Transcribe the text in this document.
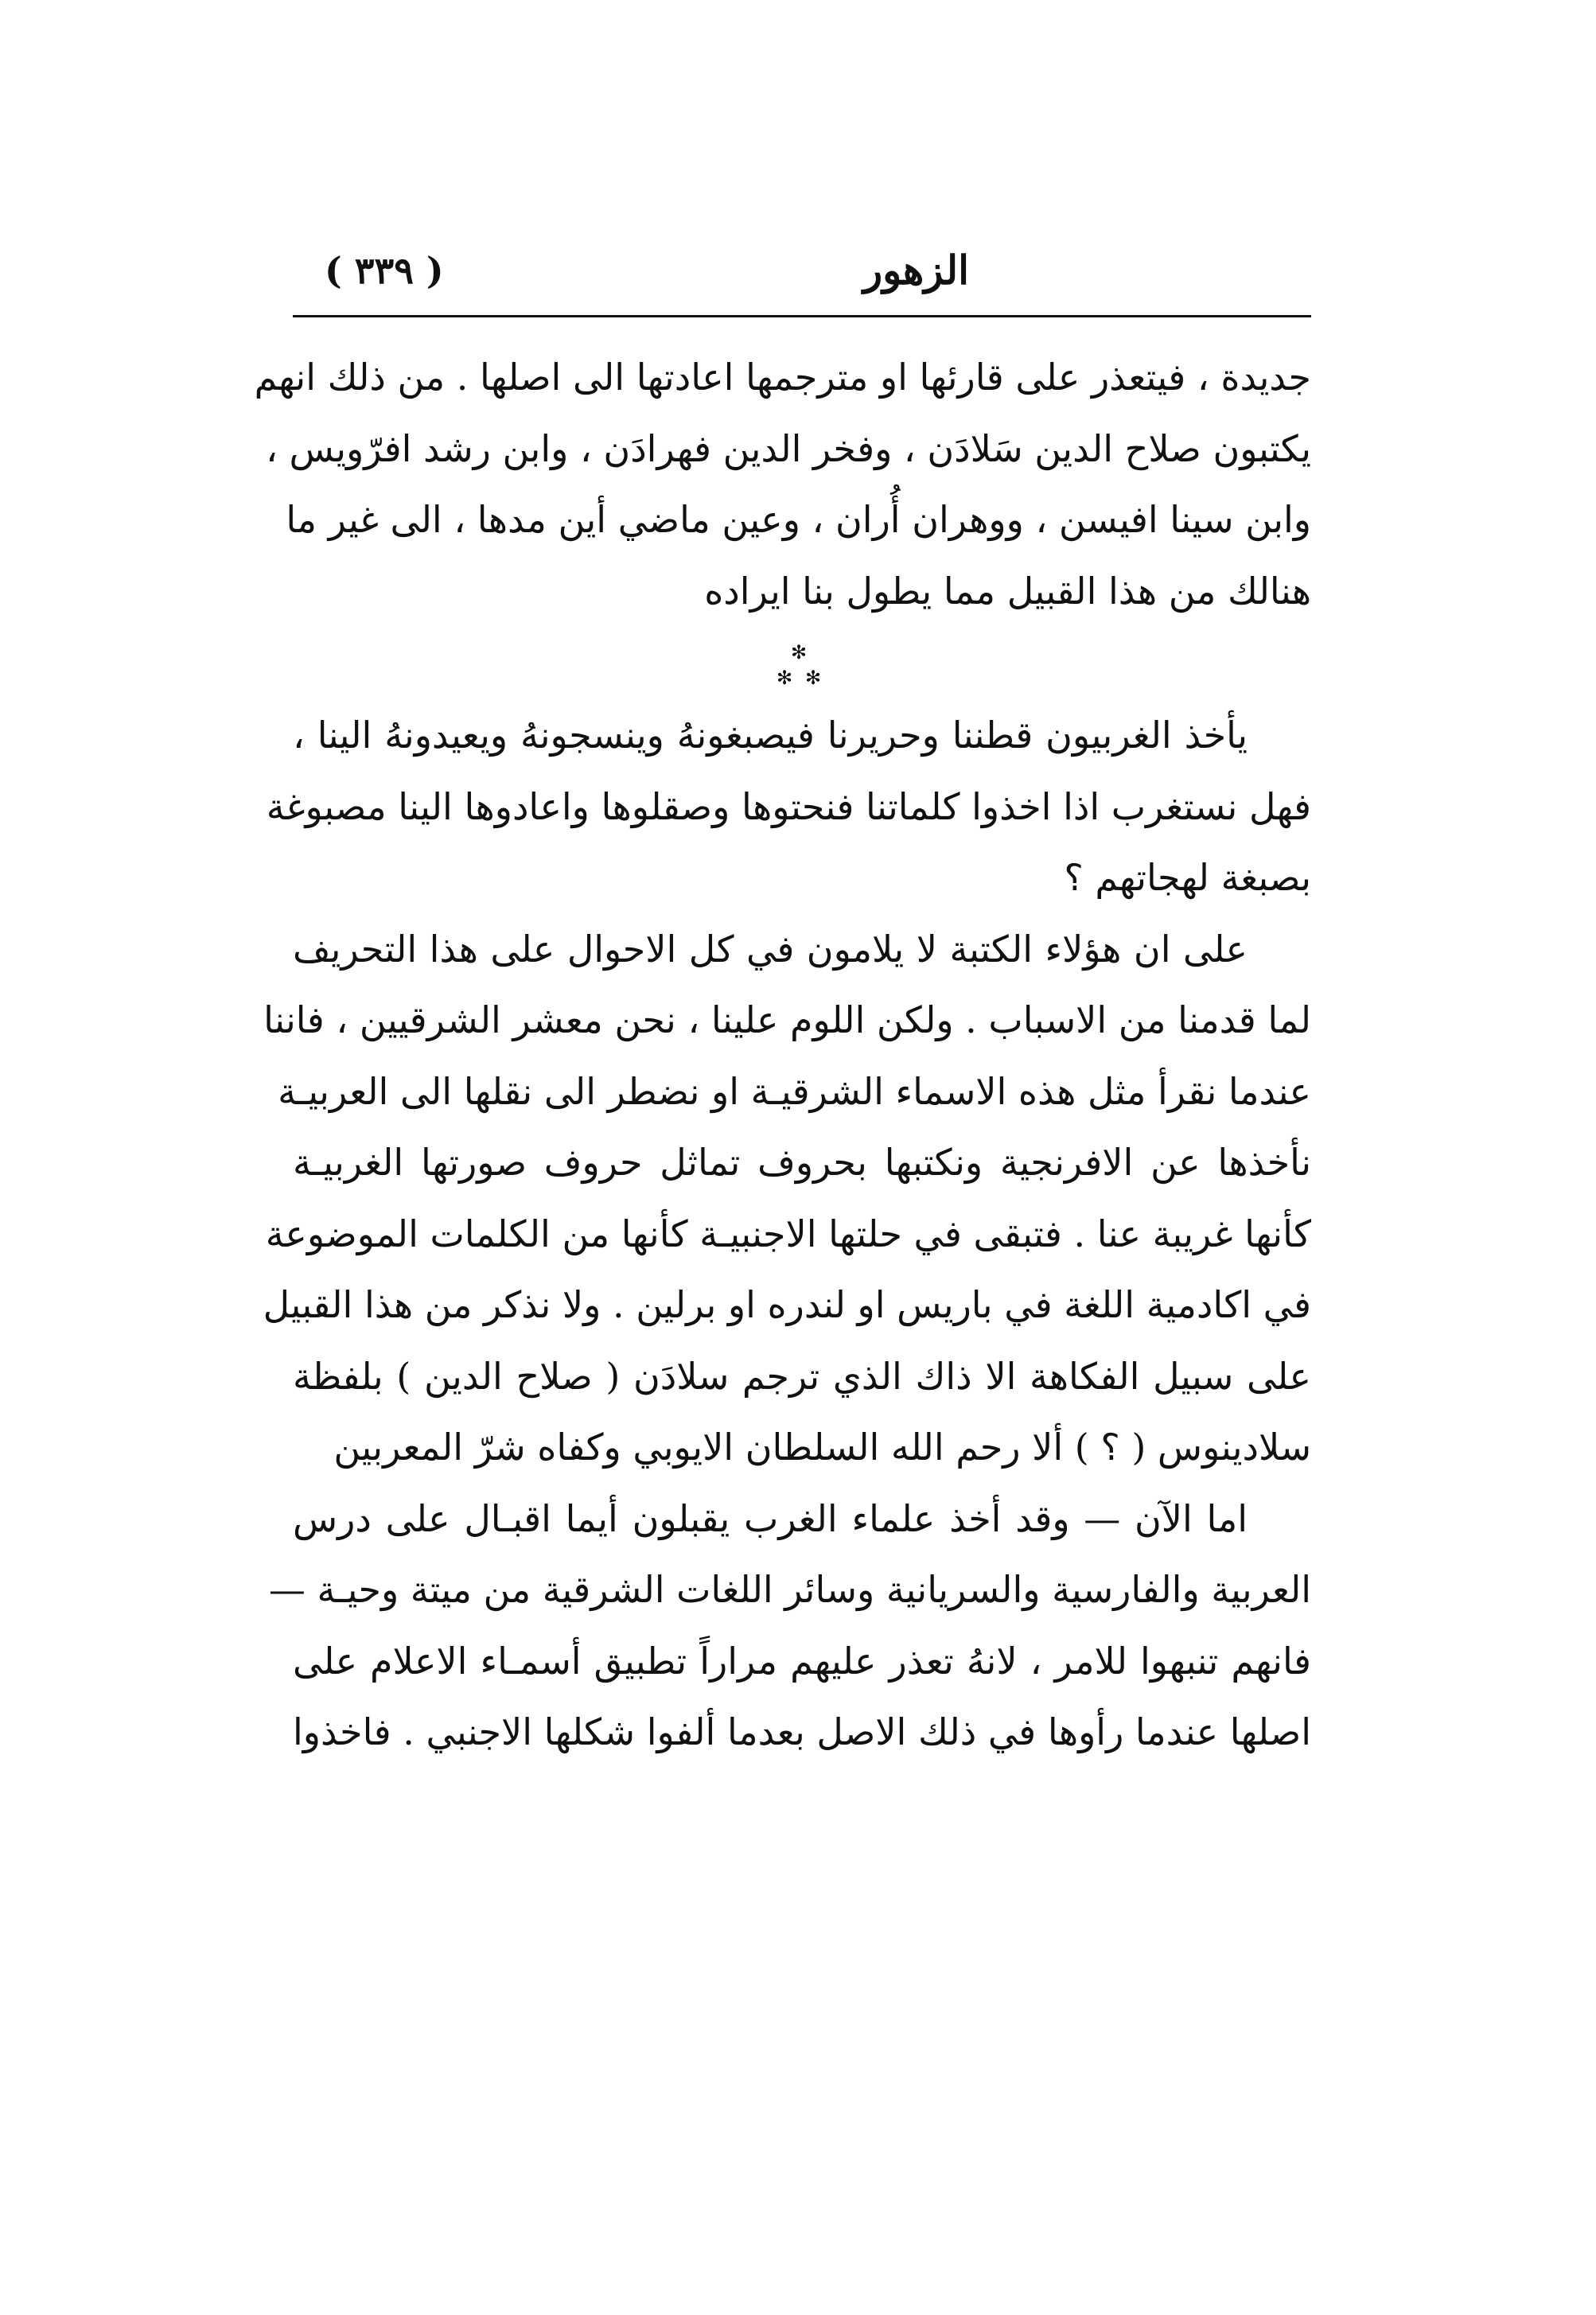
الزهور
( ٣٣٩ )
جديدة ، فيتعذر على قارئها او مترجمها اعادتها الى اصلها . من ذلك انهم
يكتبون صلاح الدين سَلادَن ، وفخر الدين فهرادَن ، وابن رشد افرّويس ،
وابن سينا افيسن ، ووهران أُران ، وعين ماضي أين مدها ، الى غير ما
هنالك من هذا القبيل مما يطول بنا ايراده
✻
✻ ✻
يأخذ الغربيون قطننا وحريرنا فيصبغونهُ وينسجونهُ ويعيدونهُ الينا ،
فهل نستغرب اذا اخذوا كلماتنا فنحتوها وصقلوها واعادوها الينا مصبوغة
بصبغة لهجاتهم ؟
على ان هؤلاء الكتبة لا يلامون في كل الاحوال على هذا التحريف
لما قدمنا من الاسباب . ولكن اللوم علينا ، نحن معشر الشرقيين ، فاننا
عندما نقرأ مثل هذه الاسماء الشرقيـة او نضطر الى نقلها الى العربيـة
نأخذها عن الافرنجية ونكتبها بحروف تماثل حروف صورتها الغربيـة
كأنها غريبة عنا . فتبقى في حلتها الاجنبيـة كأنها من الكلمات الموضوعة
في اكادمية اللغة في باريس او لندره او برلين . ولا نذكر من هذا القبيل
على سبيل الفكاهة الا ذاك الذي ترجم سلادَن ( صلاح الدين ) بلفظة
سلادينوس ( ؟ ) ألا رحم الله السلطان الايوبي وكفاه شرّ المعربين
اما الآن — وقد أخذ علماء الغرب يقبلون أيما اقبـال على درس
العربية والفارسية والسريانية وسائر اللغات الشرقية من ميتة وحيـة —
فانهم تنبهوا للامر ، لانهُ تعذر عليهم مراراً تطبيق أسمـاء الاعلام على
اصلها عندما رأوها في ذلك الاصل بعدما ألفوا شكلها الاجنبي . فاخذوا
